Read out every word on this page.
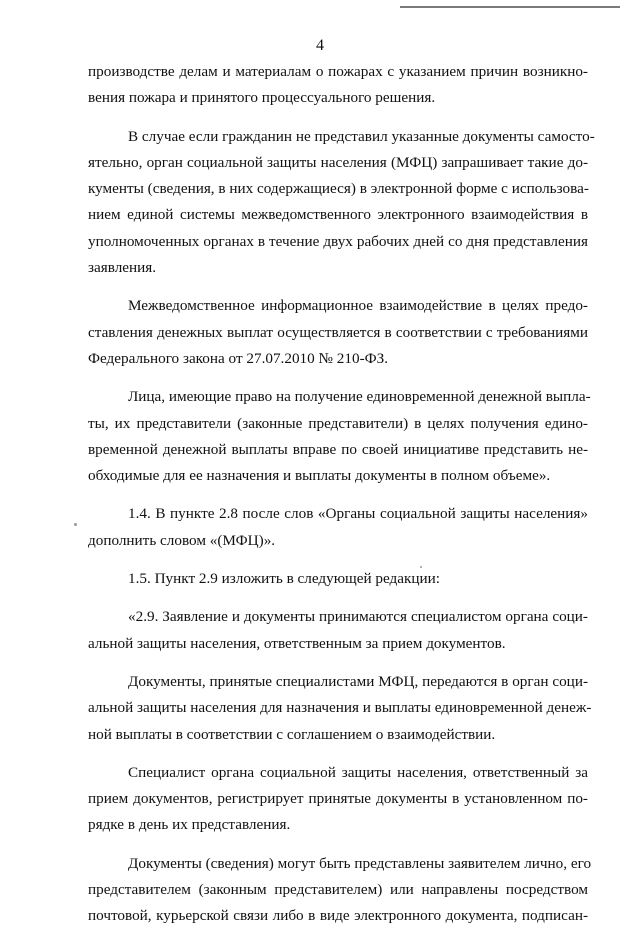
4
производстве делам и материалам о пожарах с указанием причин возникно-
вения пожара и принятого процессуального решения.
В случае если гражданин не представил указанные документы самосто-
ятельно, орган социальной защиты населения (МФЦ) запрашивает такие до-
кументы (сведения, в них содержащиеся) в электронной форме с использова-
нием единой системы межведомственного электронного взаимодействия в
уполномоченных органах в течение двух рабочих дней со дня представления
заявления.
Межведомственное информационное взаимодействие в целях предо-
ставления денежных выплат осуществляется в соответствии с требованиями
Федерального закона от 27.07.2010 № 210-ФЗ.
Лица, имеющие право на получение единовременной денежной выпла-
ты, их представители (законные представители) в целях получения едино-
временной денежной выплаты вправе по своей инициативе представить не-
обходимые для ее назначения и выплаты документы в полном объеме».
1.4. В пункте 2.8 после слов «Органы социальной защиты населения»
дополнить словом «(МФЦ)».
1.5. Пункт 2.9 изложить в следующей редакции:
«2.9. Заявление и документы принимаются специалистом органа соци-
альной защиты населения, ответственным за прием документов.
Документы, принятые специалистами МФЦ, передаются в орган соци-
альной защиты населения для назначения и выплаты единовременной денеж-
ной выплаты в соответствии с соглашением о взаимодействии.
Специалист органа социальной защиты населения, ответственный за
прием документов, регистрирует принятые документы в установленном по-
рядке в день их представления.
Документы (сведения) могут быть представлены заявителем лично, его
представителем (законным представителем) или направлены посредством
почтовой, курьерской связи либо в виде электронного документа, подписан-
